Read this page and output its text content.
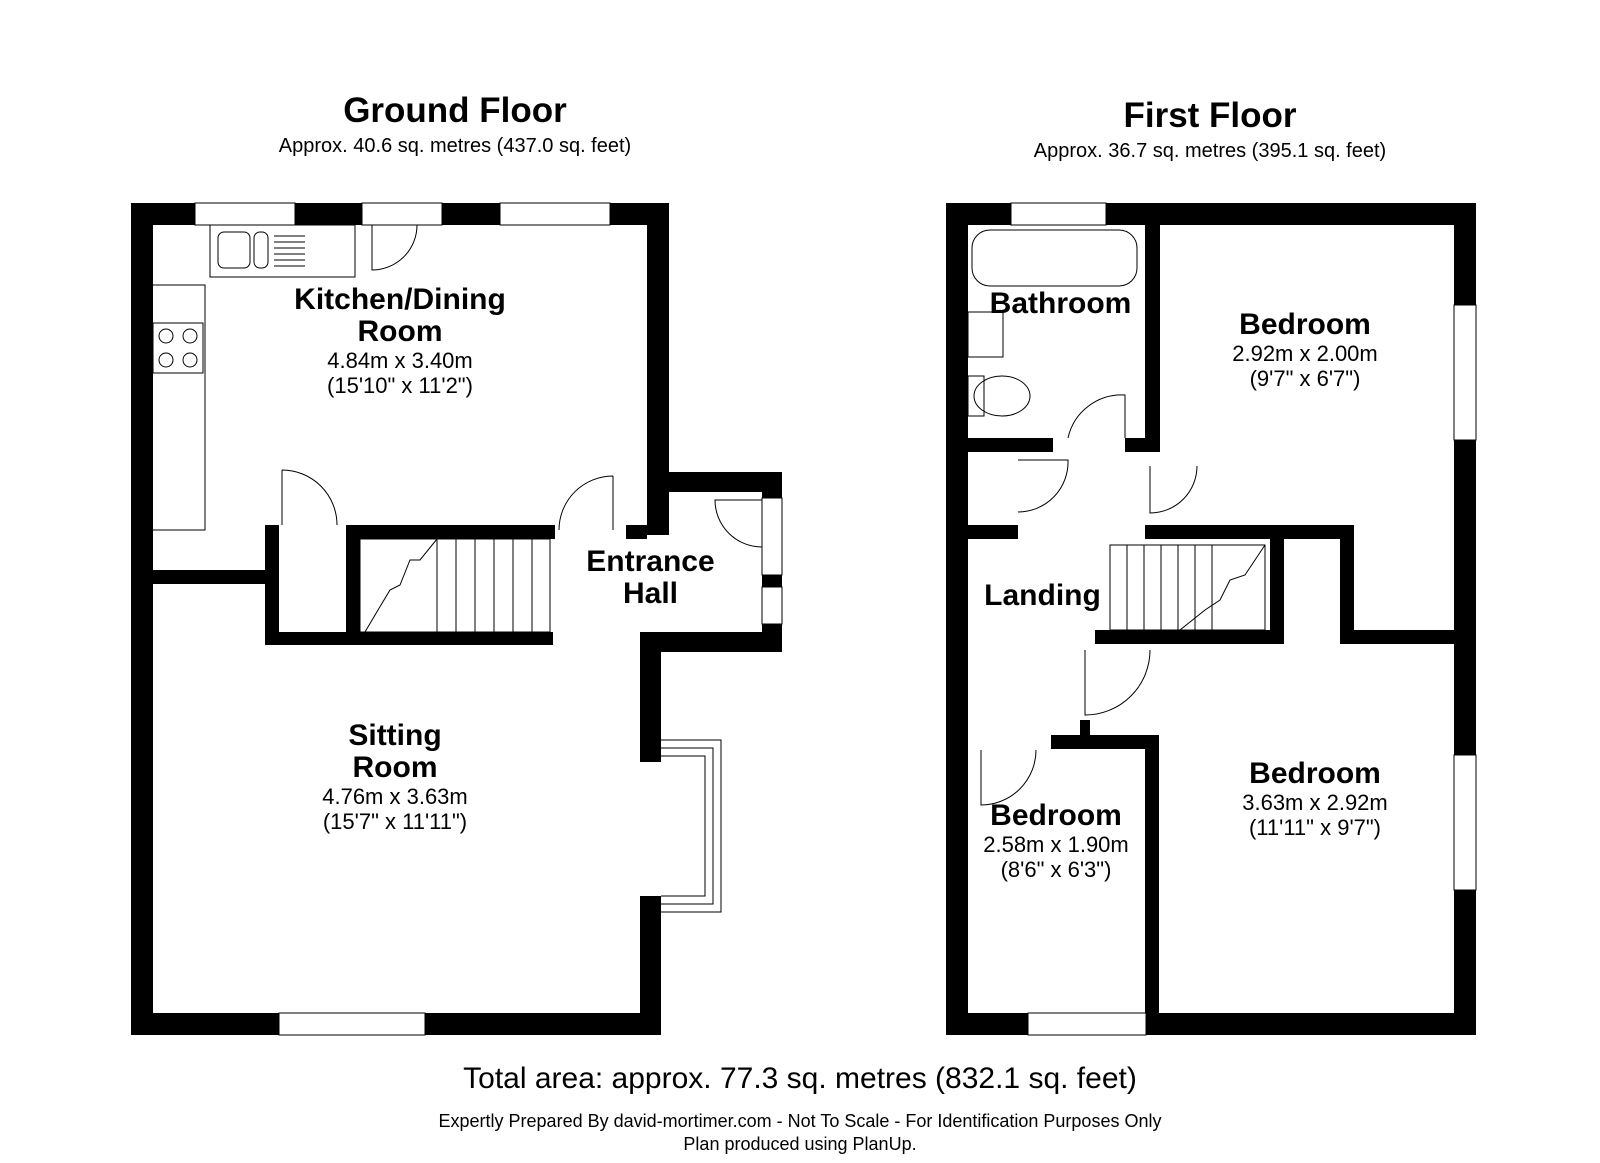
Ground Floor
Approx. 40.6 sq. metres (437.0 sq. feet)
First Floor
Approx. 36.7 sq. metres (395.1 sq. feet)
Kitchen/Dining
Room
4.84m x 3.40m
(15'10" x 11'2")
Entrance
Hall
Sitting
Room
4.76m x 3.63m
(15'7" x 11'11")
Bathroom
Bedroom
2.92m x 2.00m
(9'7" x 6'7")
Landing
Bedroom
2.58m x 1.90m
(8'6" x 6'3")
Bedroom
3.63m x 2.92m
(11'11" x 9'7")
Total area: approx. 77.3 sq. metres (832.1 sq. feet)
Expertly Prepared By david-mortimer.com - Not To Scale - For Identification Purposes Only
Plan produced using PlanUp.
